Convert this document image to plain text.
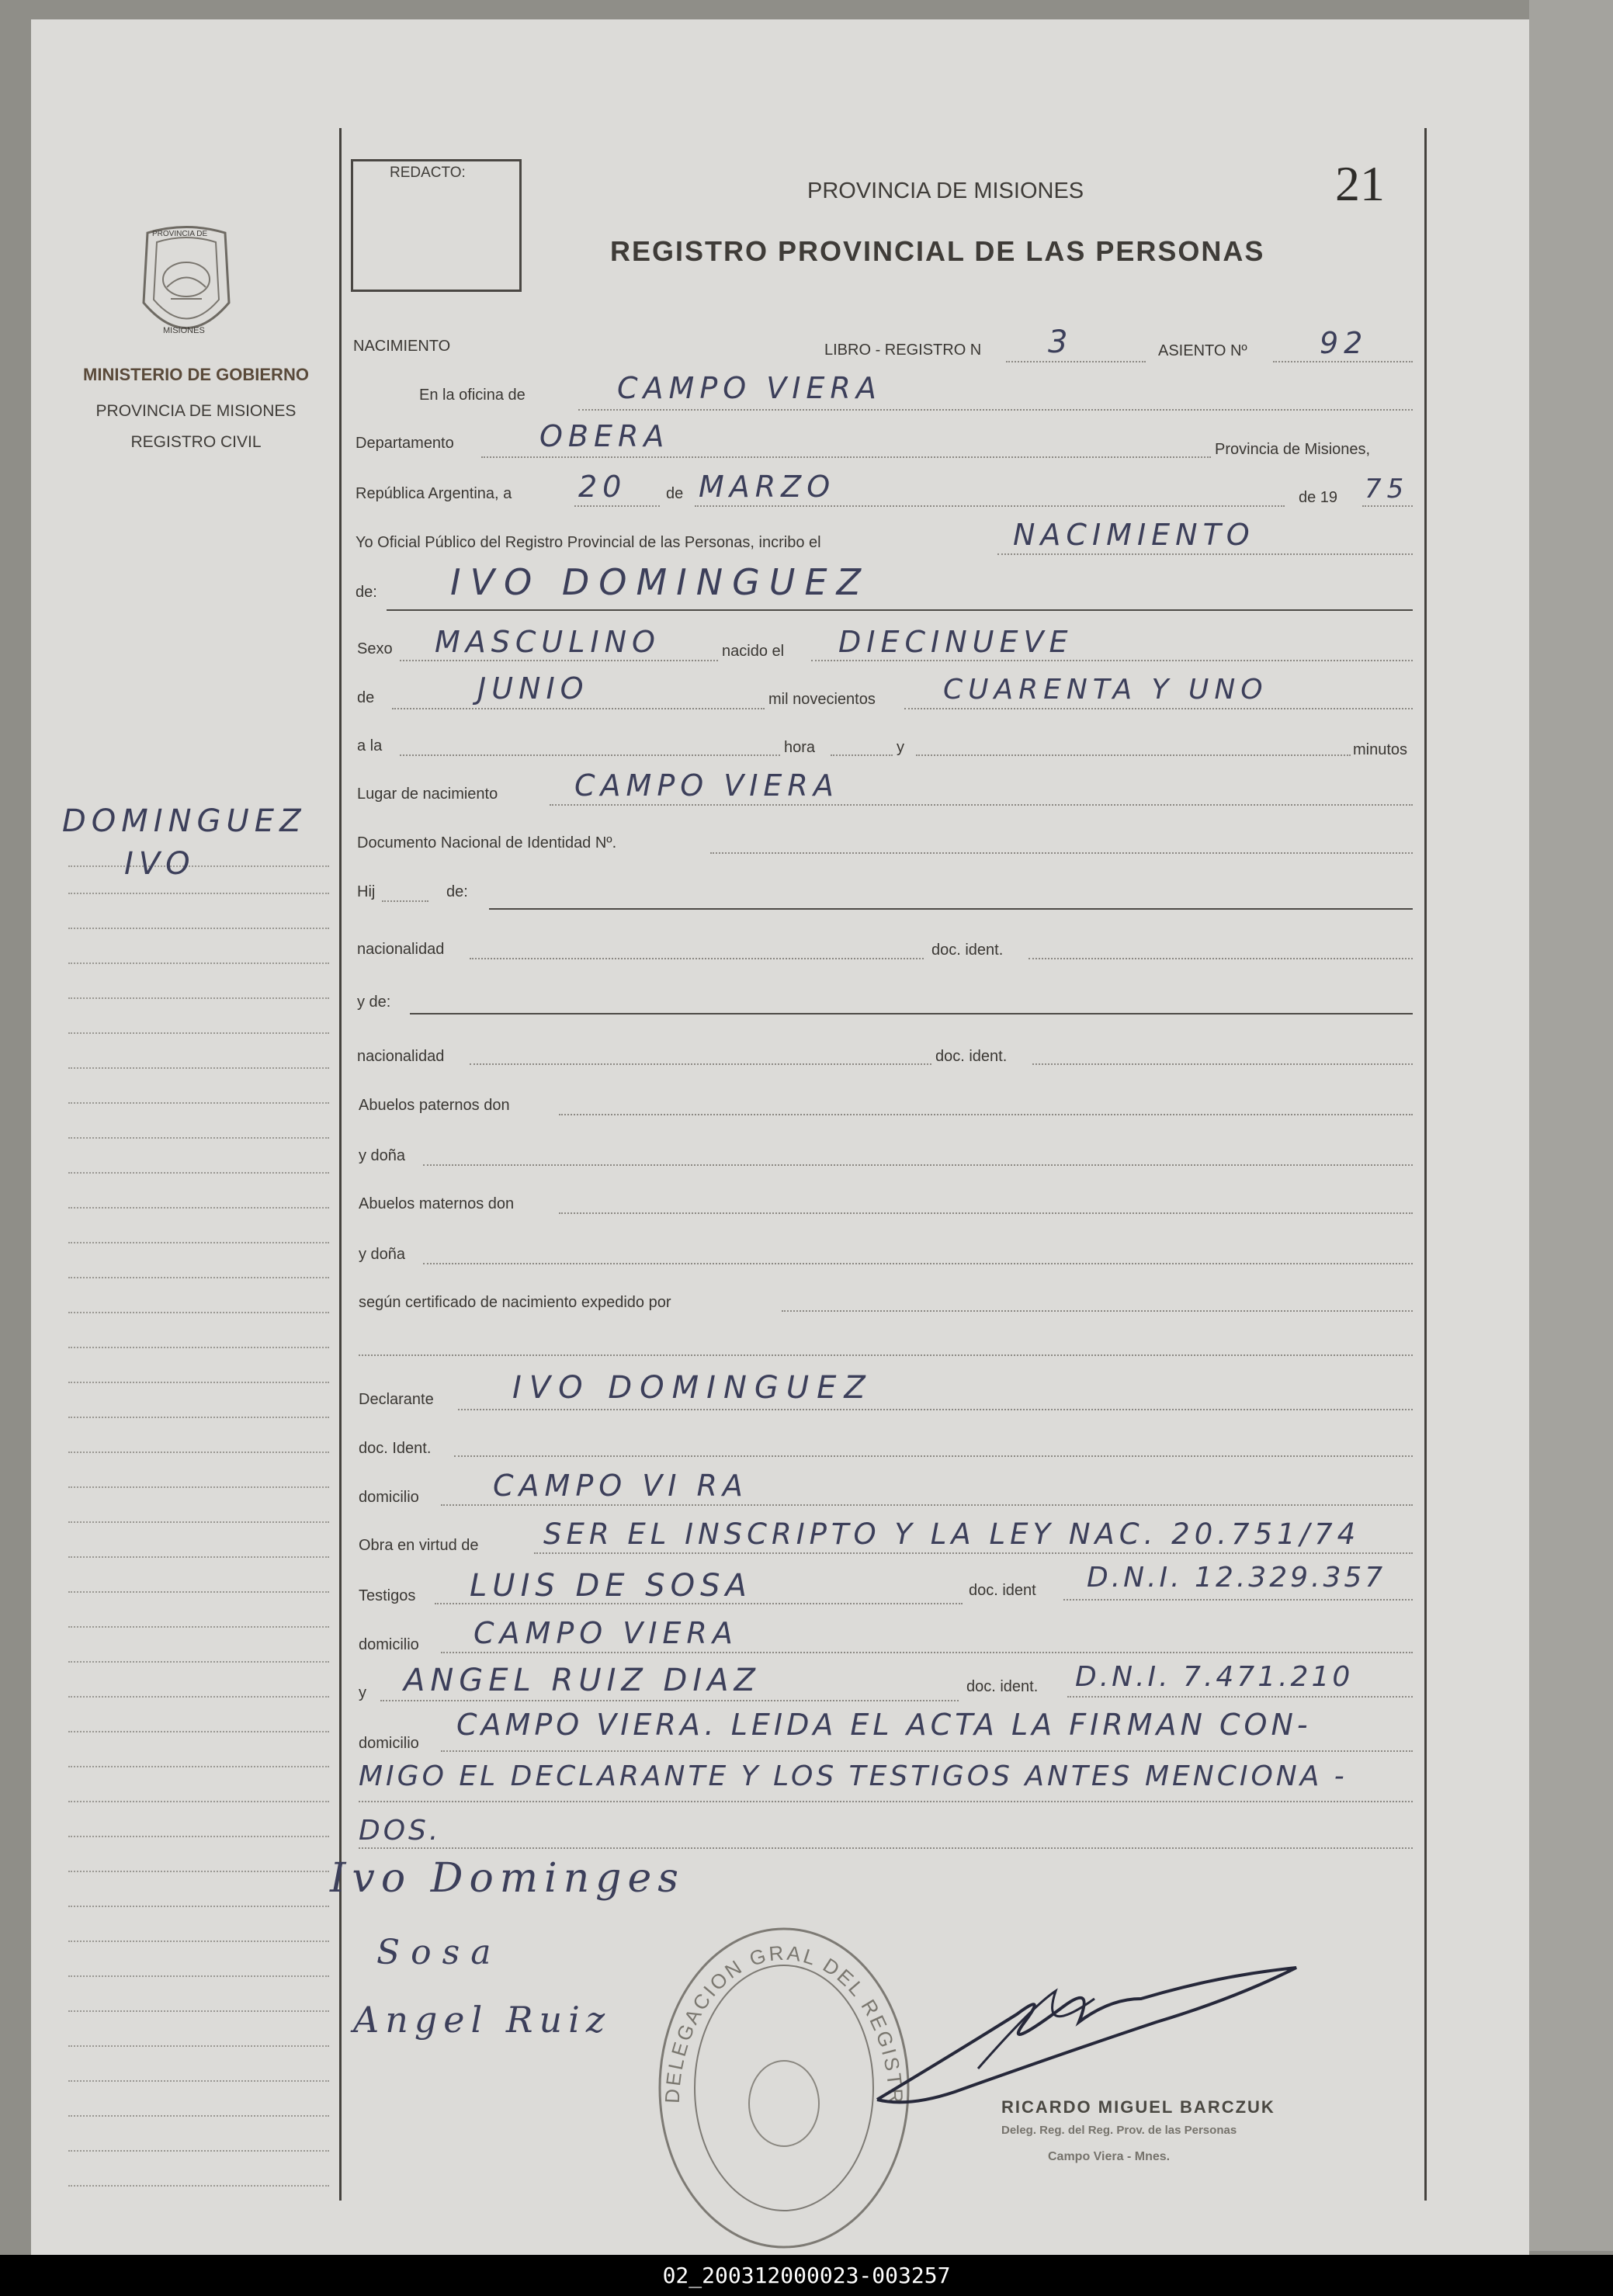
PROVINCIA DE
MISIONES
MINISTERIO DE GOBIERNO
PROVINCIA DE MISIONES
REGISTRO CIVIL
DOMINGUEZ
IVO
REDACTO:
PROVINCIA DE MISIONES
REGISTRO PROVINCIAL DE LAS PERSONAS
21
NACIMIENTO	LIBRO - REGISTRO N 3	ASIENTO Nº 92
En la oficina de	CAMPO VIERA
Departamento	OBERA	Provincia de Misiones,
República Argentina, a 20	de MARZO	de 19 75
Yo Oficial Público del Registro Provincial de las Personas, incribo el	NACIMIENTO
de: IVO DOMINGUEZ
Sexo MASCULINO	nacido el DIECINUEVE
de	JUNIO	mil novecientos CUARENTA Y UNO
a la	hora	y	minutos
Lugar de nacimiento	CAMPO VIERA
Documento Nacional de Identidad Nº.
Hij	de:
nacionalidad	doc. ident.
y de:
nacionalidad	doc. ident.
Abuelos paternos don
y doña
Abuelos maternos don
y doña
según certificado de nacimiento expedido por
Declarante	IVO DOMINGUEZ
doc. Ident.
domicilio	CAMPO VI RA
Obra en virtud de SER EL INSCRIPTO Y LA LEY NAC. 20.751/74
Testigos LUIS DE SOSA	doc. ident D.N.I. 12.329.357
domicilio CAMPO VIERA
y ANGEL RUIZ DIAZ	doc. ident. D.N.I. 7.471.210
domicilio
CAMPO VIERA. LEIDA EL ACTA LA FIRMAN CON-
MIGO EL DECLARANTE Y LOS TESTIGOS ANTES MENCIONA -
DOS.
Ivo Dominges
Sosa
Angel Ruiz
DELEGACION GRAL DEL REGISTR
RICARDO MIGUEL BARCZUK
Deleg. Reg. del Reg. Prov. de las Personas
Campo Viera - Mnes.
02_200312000023-003257
